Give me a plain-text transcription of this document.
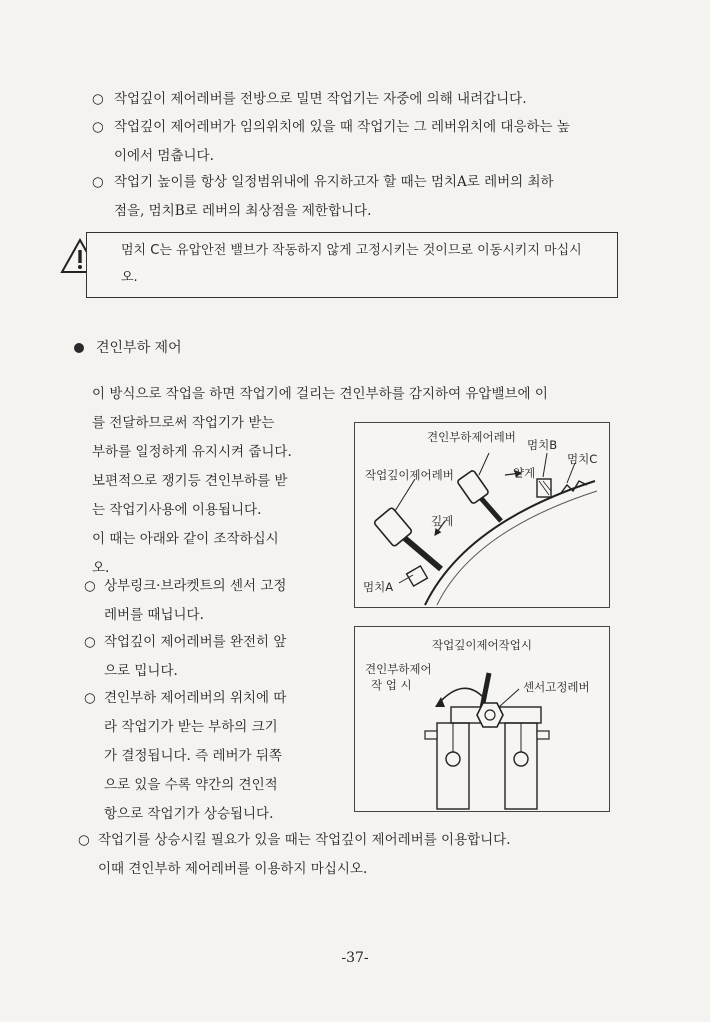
○ 작업깊이 제어레버를 전방으로 밀면 작업기는 자중에 의해 내려갑니다.

○ 작업깊이 제어레버가 임의위치에 있을 때 작업기는 그 레버위치에 대응하는 높

이에서 멈춥니다.

○ 작업기 높이를 항상 일정범위내에 유지하고자 할 때는 멈치A로 레버의 최하

점을, 멈치B로 레버의 최상점을 제한합니다.

멈치 C는 유압안전 밸브가 작동하지 않게 고정시키는 것이므로 이동시키지 마십시
오.
견인부하 제어
이 방식으로 작업을 하면 작업기에 걸리는 견인부하를 감지하여 유압밸브에 이
를 전달하므로써 작업기가 받는
부하를 일정하게 유지시켜 줍니다.
보편적으로 쟁기등 견인부하를 받
는 작업기사용에 이용됩니다.
이 때는 아래와 같이 조작하십시
오.
○ 상부링크·브라켓트의 센서 고정

레버를 때닙니다.

○ 작업깊이 제어레버를 완전히 앞

으로 밉니다.

○ 견인부하 제어레버의 위치에 따

라 작업기가 받는 부하의 크기

가 결정됩니다. 즉 레버가 뒤쪽

으로 있을 수록 약간의 견인적

항으로 작업기가 상승됩니다.

○ 작업기를 상승시킬 필요가 있을 때는 작업깊이 제어레버를 이용합니다.

이때 견인부하 제어레버를 이용하지 마십시오.

견인부하제어레버
멈치B
멈치C
얕게
작업깊이제어레버
깊게
멈치A
작업깊이제어작업시
견인부하제어
작 업 시	센서고정레버
-37-
